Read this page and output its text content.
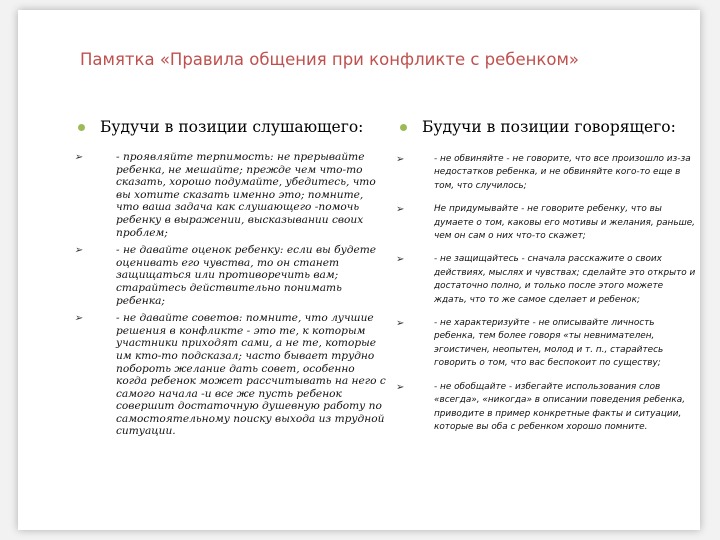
Памятка «Правила общения при конфликте с ребенком»
Будучи в позиции слушающего:
➢	- проявляйте терпимость: не прерывайте ребенка, не мешайте; прежде чем что-то сказать, хорошо подумайте, убедитесь, что вы хотите сказать именно это; помните, что ваша задача как слушающего -помочь ребенку в выражении, высказывании своих проблем;
➢	- не давайте оценок ребенку: если вы будете оценивать его чувства, то он станет защищаться или противоречить вам; старайтесь действительно понимать ребенка;
➢	- не давайте советов: помните, что лучшие решения в конфликте - это те, к которым участники приходят сами, а не те, которые им кто-то подсказал; часто бывает трудно побороть желание дать совет, особенно когда ребенок может рассчитывать на него с самого начала -и все же пусть ребенок совершит достаточную душевную работу по самостоятельному поиску выхода из трудной ситуации.
Будучи в позиции говорящего:
➢	- не обвиняйте - не говорите, что все произошло из-за недостатков ребенка, и не обвиняйте кого-то еще в том, что случилось;
➢	Не придумывайте - не говорите ребенку, что вы думаете о том, каковы его мотивы и желания, раньше, чем он сам о них что-то скажет;
➢	- не защищайтесь - сначала расскажите о своих действиях, мыслях и чувствах; сделайте это открыто и достаточно полно, и только после этого можете ждать, что то же самое сделает и ребенок;
➢	- не характеризуйте - не описывайте личность ребенка, тем более говоря «ты невнимателен, эгоистичен, неопытен, молод и т. п., старайтесь говорить о том, что вас беспокоит по существу;
➢	- не обобщайте - избегайте использования слов «всегда», «никогда» в описании поведения ребенка, приводите в пример конкретные факты и ситуации, которые вы оба с ребенком хорошо помните.
